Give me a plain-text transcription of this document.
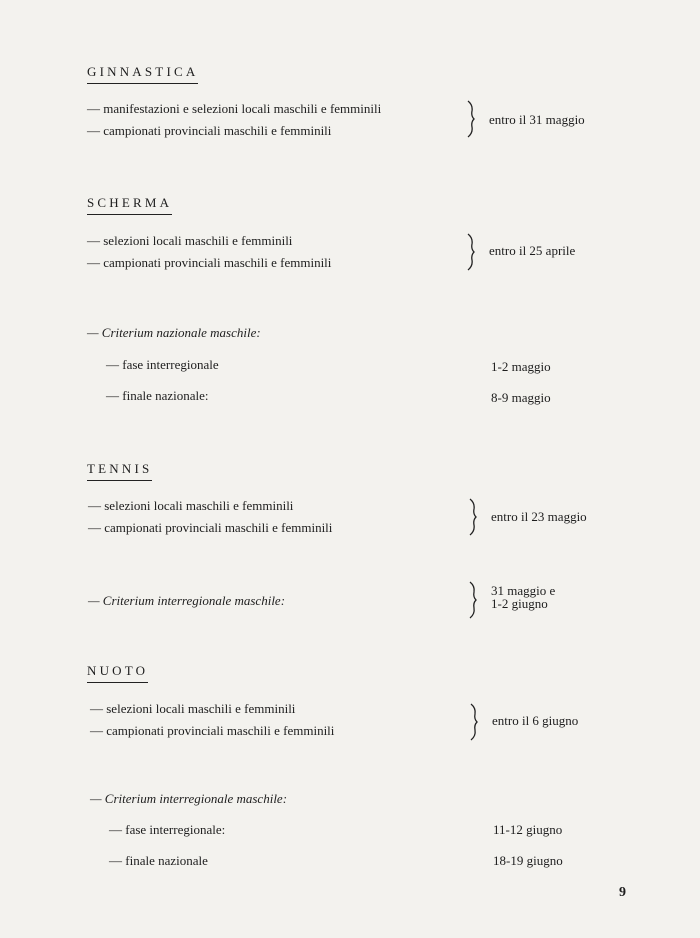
GINNASTICA
— manifestazioni e selezioni locali maschili e femminili
— campionati provinciali maschili e femminili
entro il 31 maggio
SCHERMA
— selezioni locali maschili e femminili
— campionati provinciali maschili e femminili
entro il 25 aprile
— Criterium nazionale maschile:
— fase interregionale	1-2 maggio
— finale nazionale:	8-9 maggio
TENNIS
— selezioni locali maschili e femminili
— campionati provinciali maschili e femminili
entro il 23 maggio
— Criterium interregionale maschile:
31 maggio e
1-2 giugno
NUOTO
— selezioni locali maschili e femminili
— campionati provinciali maschili e femminili
entro il 6 giugno
— Criterium interregionale maschile:
— fase interregionale:	11-12 giugno
— finale nazionale	18-19 giugno
9
